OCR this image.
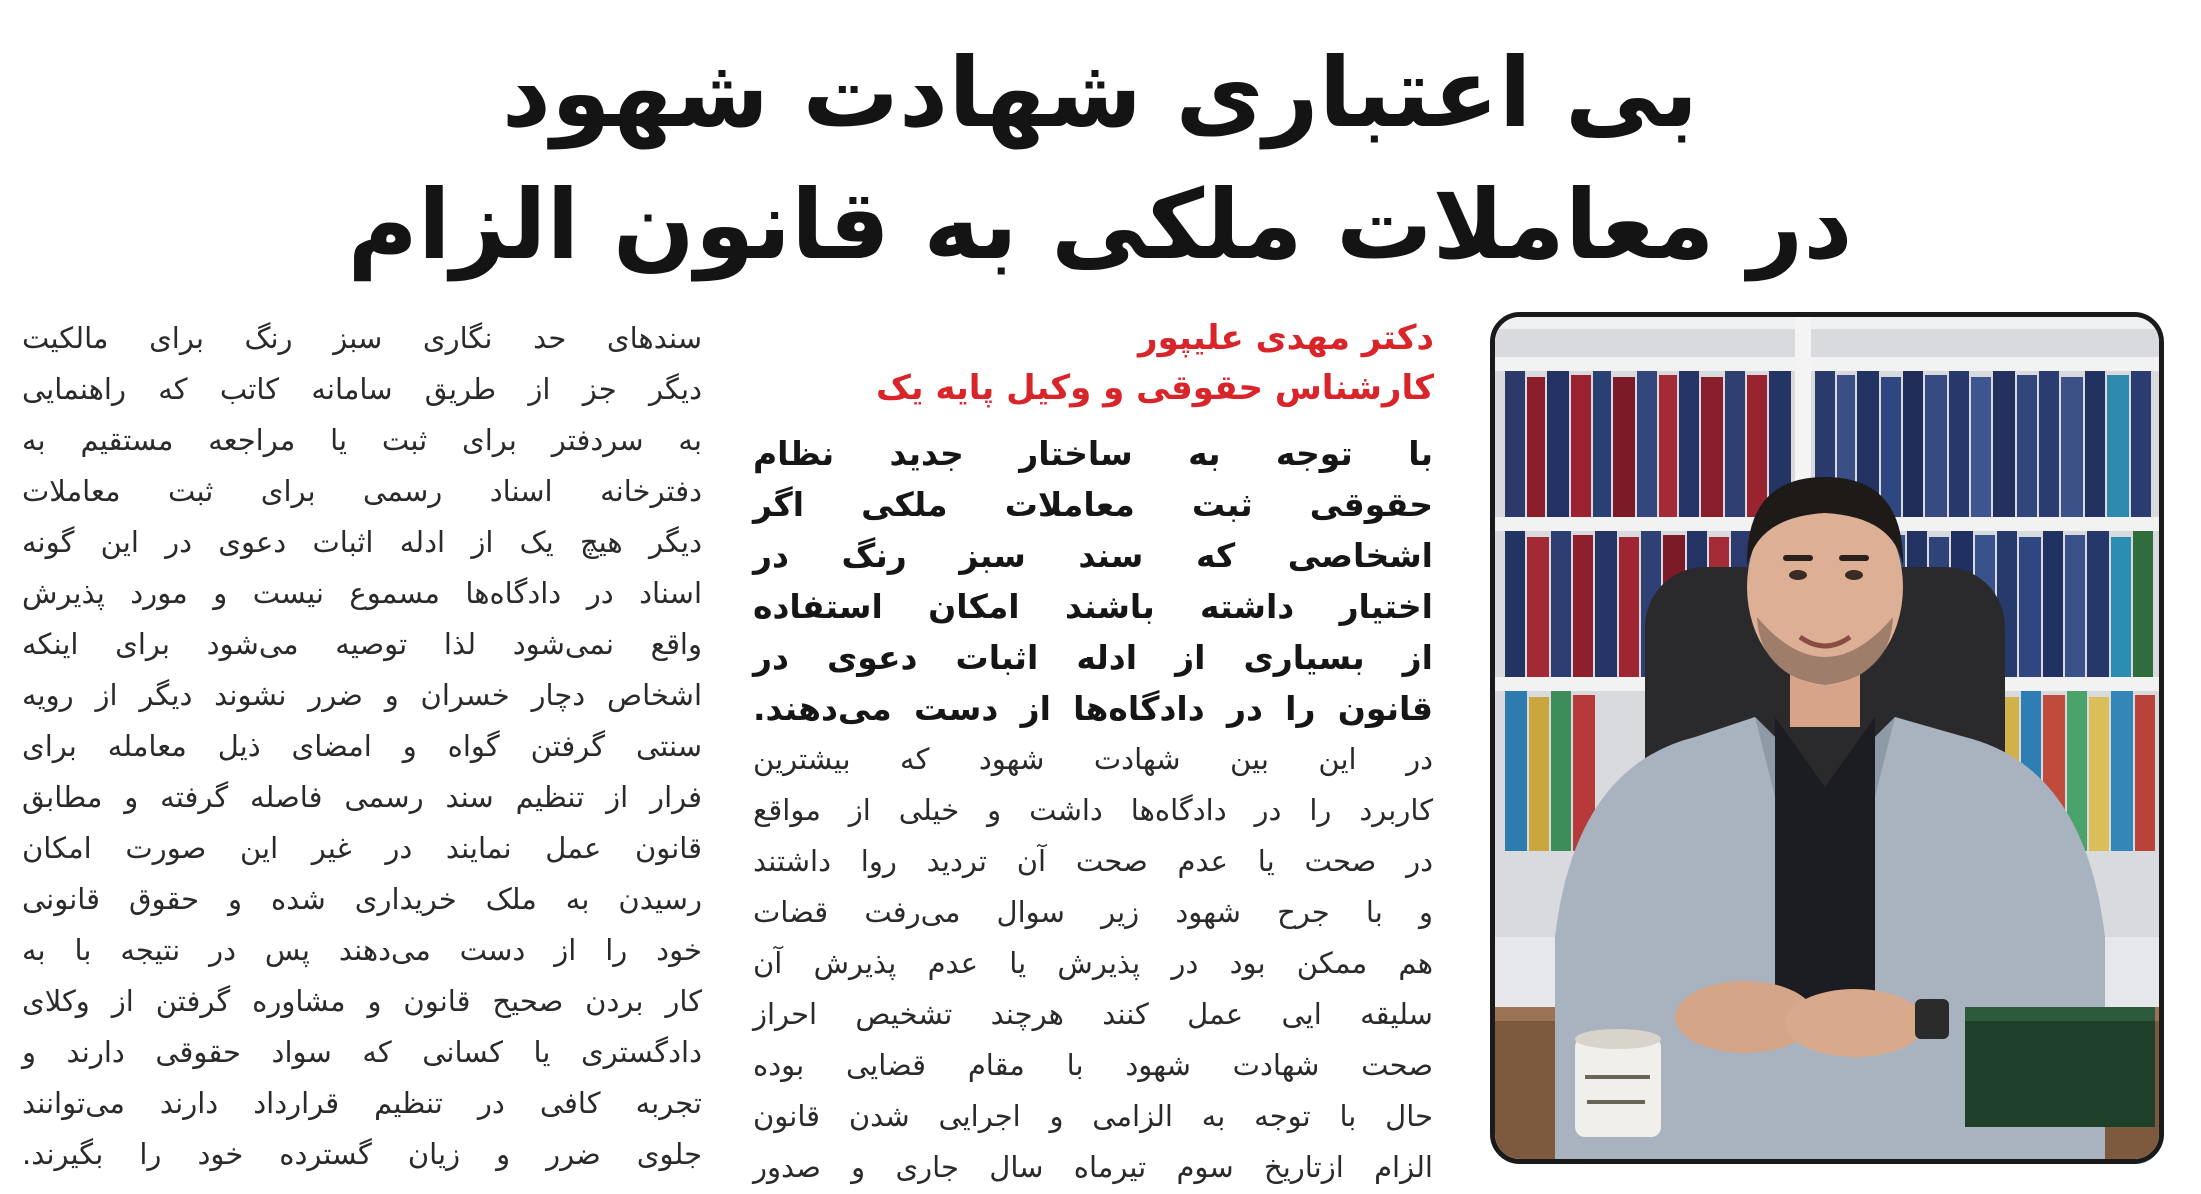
بی اعتباری شهادت شهود
در معاملات ملکی به قانون الزام
دکتر مهدی علیپور
کارشناس حقوقی و وکیل پایه یک
با توجه به ساختار جدید نظام
حقوقی ثبت معاملات ملکی اگر
اشخاصی که سند سبز رنگ در
اختیار داشته باشند امکان استفاده
از بسیاری از ادله اثبات دعوی در
قانون را در دادگاه‌ها از دست می‌دهند.
در این بین شهادت شهود که بیشترین
کاربرد را در دادگاه‌ها داشت و خیلی از مواقع
در صحت یا عدم صحت آن تردید روا داشتند
و با جرح شهود زیر سوال می‌رفت قضات
هم ممکن بود در پذیرش یا عدم پذیرش آن
سلیقه ایی عمل کنند هرچند تشخیص احراز
صحت شهادت شهود با مقام قضایی بوده
حال با توجه به الزامی و اجرایی شدن قانون
الزام ازتاریخ سوم تیرماه سال جاری و صدور
سندهای حد نگاری سبز رنگ برای مالکیت
دیگر جز از طریق سامانه کاتب که راهنمایی
به سردفتر برای ثبت یا مراجعه مستقیم به
دفترخانه اسناد رسمی برای ثبت معاملات
دیگر هیچ یک از ادله اثبات دعوی در این گونه
اسناد در دادگاه‌ها مسموع نیست و مورد پذیرش
واقع نمی‌شود لذا توصیه می‌شود برای اینکه
اشخاص دچار خسران و ضرر نشوند دیگر از رویه
سنتی گرفتن گواه و امضای ذیل معامله برای
فرار از تنظیم سند رسمی فاصله گرفته و مطابق
قانون عمل نمایند در غیر این صورت امکان
رسیدن به ملک خریداری شده و حقوق قانونی
خود را از دست می‌دهند پس در نتیجه با به
کار بردن صحیح قانون و مشاوره گرفتن از وکلای
دادگستری یا کسانی که سواد حقوقی دارند و
تجربه کافی در تنظیم قرارداد دارند می‌توانند
جلوی ضرر و زیان گسترده خود را بگیرند.
